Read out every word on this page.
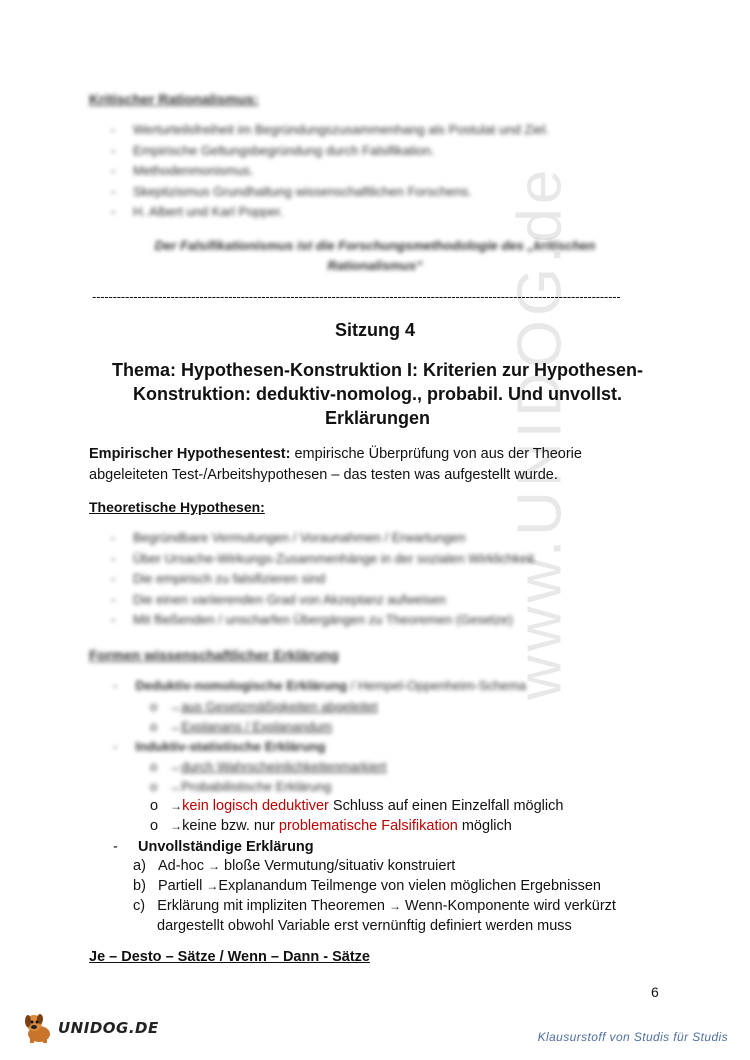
www.UNIDOG.de
Kritischer Rationalismus:
- Werturteilsfreiheit im Begründungszusammenhang als Postulat und Ziel.
- Empirische Geltungsbegründung durch Falsifikation.
- Methodenmonismus.
- Skeptizismus Grundhaltung wissenschaftlichen Forschens.
- H. Albert und Karl Popper.
Der Falsifikationismus ist die Forschungsmethodologie des „kritischen
Rationalismus“
--------------------------------------------------------------------------------------------------------------------------------
Sitzung 4
Thema: Hypothesen-Konstruktion I: Kriterien zur Hypothesen-Konstruktion: deduktiv-nomolog., probabil. Und unvollst. Erklärungen
Empirischer Hypothesentest: empirische Überprüfung von aus der Theorie abgeleiteten Test-/Arbeitshypothesen – das testen was aufgestellt wurde.
Theoretische Hypothesen:
- Begründbare Vermutungen / Voraunahmen / Erwartungen
- Über Ursache-Wirkungs-Zusammenhänge in der sozialen Wirklichkeit
- Die empirisch zu falsifizieren sind
- Die einen variierenden Grad von Akzeptanz aufweisen
- Mit fließenden / unscharfen Übergängen zu Theoremen (Gesetze)
Formen wissenschaftlicher Erklärung
- Deduktiv-nomologische Erklärung / Hempel-Oppenheim-Schema
o →aus Gesetzmäßigkeiten abgeleitet
o →Explanans / Explanandum
- Induktiv-statistische Erklärung
o →durch Wahrscheinlichkeitenmarkiert
o →Probabilistische Erklärung
o →kein logisch deduktiver Schluss auf einen Einzelfall möglich
o →keine bzw. nur problematische Falsifikation möglich
- Unvollständige Erklärung
a) Ad-hoc → bloße Vermutung/situativ konstruiert
b) Partiell →Explanandum Teilmenge von vielen möglichen Ergebnissen
c) Erklärung mit impliziten Theoremen → Wenn-Komponente wird verkürzt
dargestellt obwohl Variable erst vernünftig definiert werden muss
Je – Desto – Sätze / Wenn – Dann - Sätze
6
UNIDOG.DE	Klausurstoff von Studis für Studis
